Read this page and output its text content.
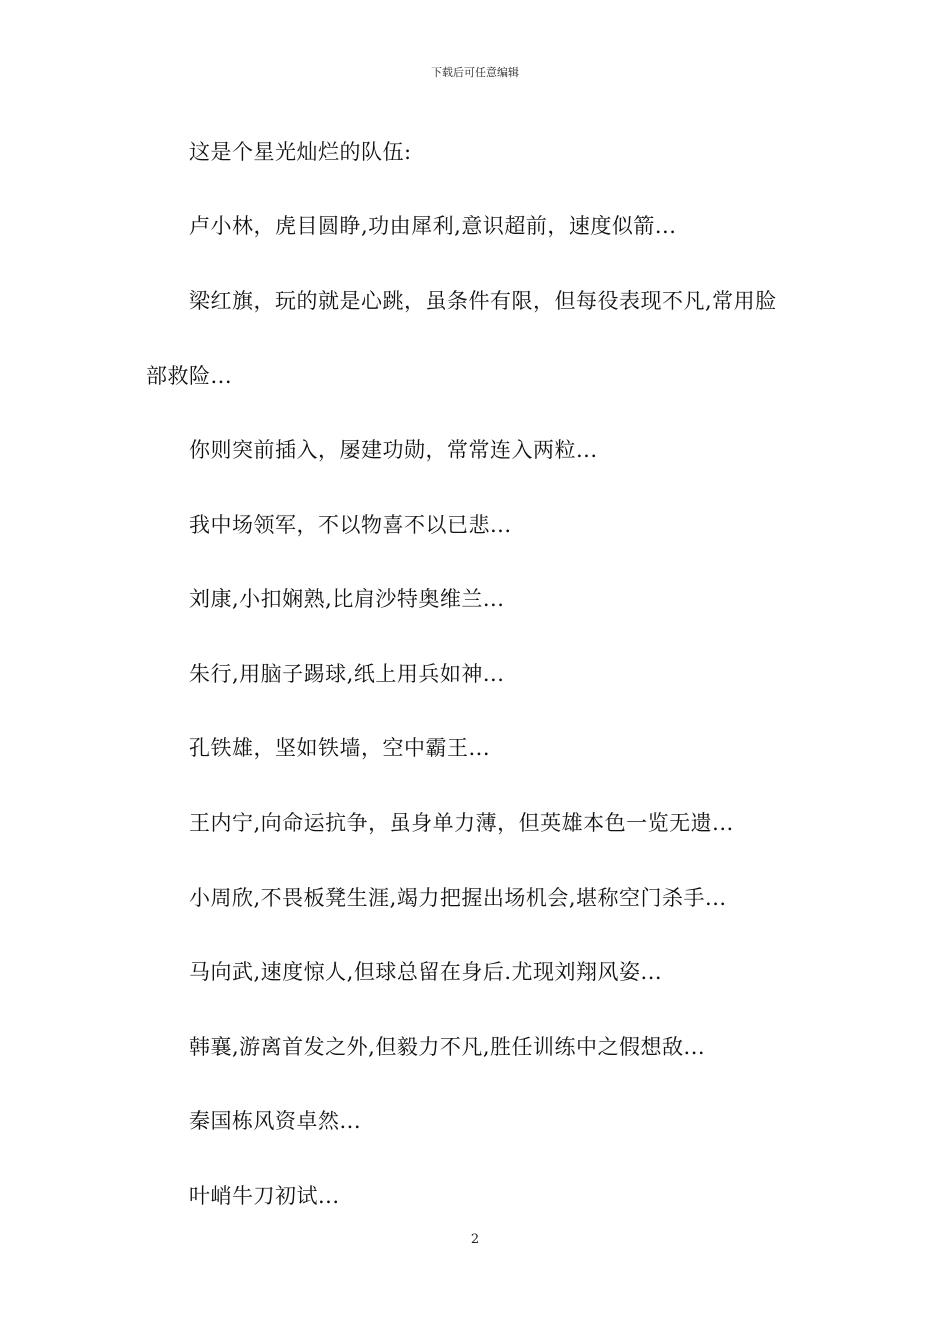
下载后可任意编辑
这是个星光灿烂的队伍:
卢小林，虎目圆睁,功由犀利,意识超前，速度似箭...
梁红旗，玩的就是心跳，虽条件有限，但每役表现不凡,常用脸
部救险...
你则突前插入，屡建功勋，常常连入两粒...
我中场领军，不以物喜不以已悲...
刘康,小扣娴熟,比肩沙特奥维兰...
朱行,用脑子踢球,纸上用兵如神...
孔铁雄，坚如铁墙，空中霸王...
王内宁,向命运抗争，虽身单力薄，但英雄本色一览无遗...
小周欣,不畏板凳生涯,竭力把握出场机会,堪称空门杀手...
马向武,速度惊人,但球总留在身后.尤现刘翔风姿...
韩襄,游离首发之外,但毅力不凡,胜任训练中之假想敌...
秦国栋风资卓然...
叶峭牛刀初试...
2
